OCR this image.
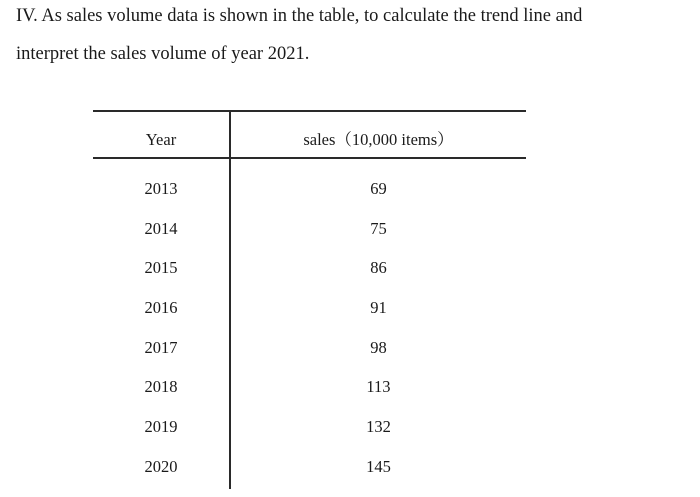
IV. As sales volume data is shown in the table, to calculate the trend line and
interpret the sales volume of year 2021.
Year	sales（10,000 items）
2013	69
2014	75
2015	86
2016	91
2017	98
2018	113
2019	132
2020	145
